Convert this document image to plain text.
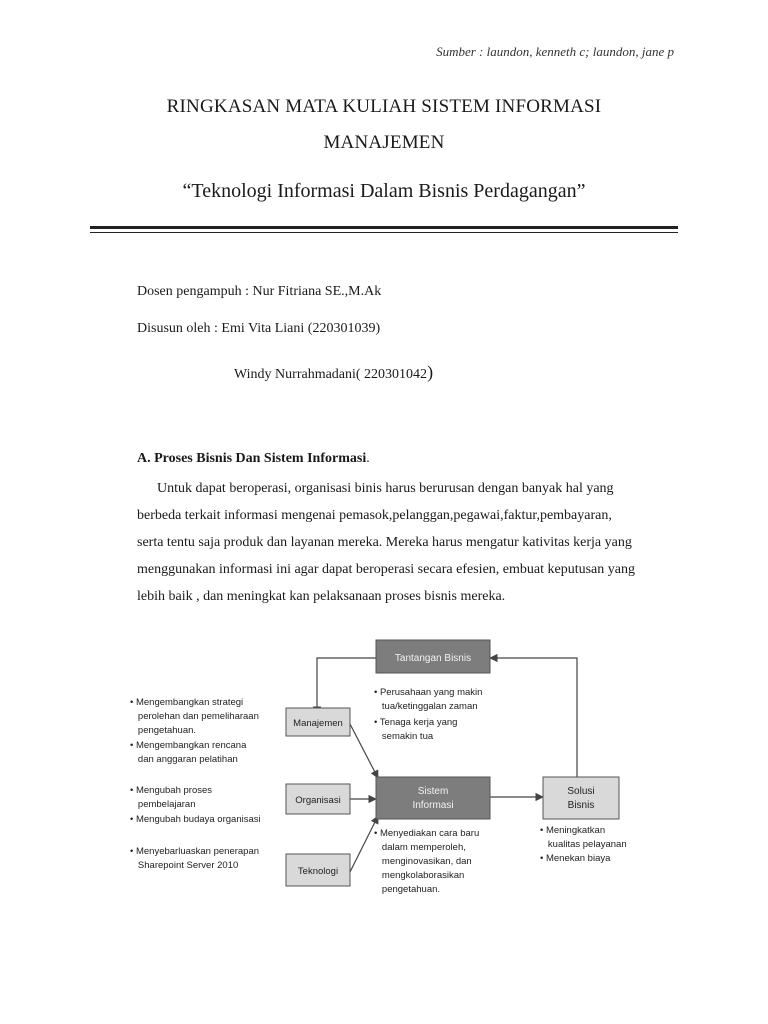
Sumber : laundon, kenneth c; laundon, jane p
RINGKASAN MATA KULIAH SISTEM INFORMASI
MANAJEMEN
“Teknologi Informasi Dalam Bisnis Perdagangan”
Dosen pengampuh : Nur Fitriana SE.,M.Ak
Disusun oleh : Emi Vita Liani (220301039)
Windy Nurrahmadani( 220301042)
A. Proses Bisnis Dan Sistem Informasi.
Untuk dapat beroperasi, organisasi binis harus berurusan dengan banyak hal yang
berbeda terkait informasi mengenai pemasok,pelanggan,pegawai,faktur,pembayaran,
serta tentu saja produk dan layanan mereka. Mereka harus mengatur kativitas kerja yang
menggunakan informasi ini agar dapat beroperasi secara efesien, embuat keputusan yang
lebih baik , dan meningkat kan pelaksanaan proses bisnis mereka.
Tantangan Bisnis
Manajemen
Organisasi
Teknologi
Sistem
Informasi
Solusi
Bisnis
• Mengembangkan strategi
perolehan dan pemeliharaan
pengetahuan.
• Mengembangkan rencana
dan anggaran pelatihan
• Mengubah proses
pembelajaran
• Mengubah budaya organisasi
• Menyebarluaskan penerapan
Sharepoint Server 2010
• Perusahaan yang makin
tua/ketinggalan zaman
• Tenaga kerja yang
semakin tua
• Menyediakan cara baru
dalam memperoleh,
menginovasikan, dan
mengkolaborasikan
pengetahuan.
• Meningkatkan
kualitas pelayanan
• Menekan biaya
